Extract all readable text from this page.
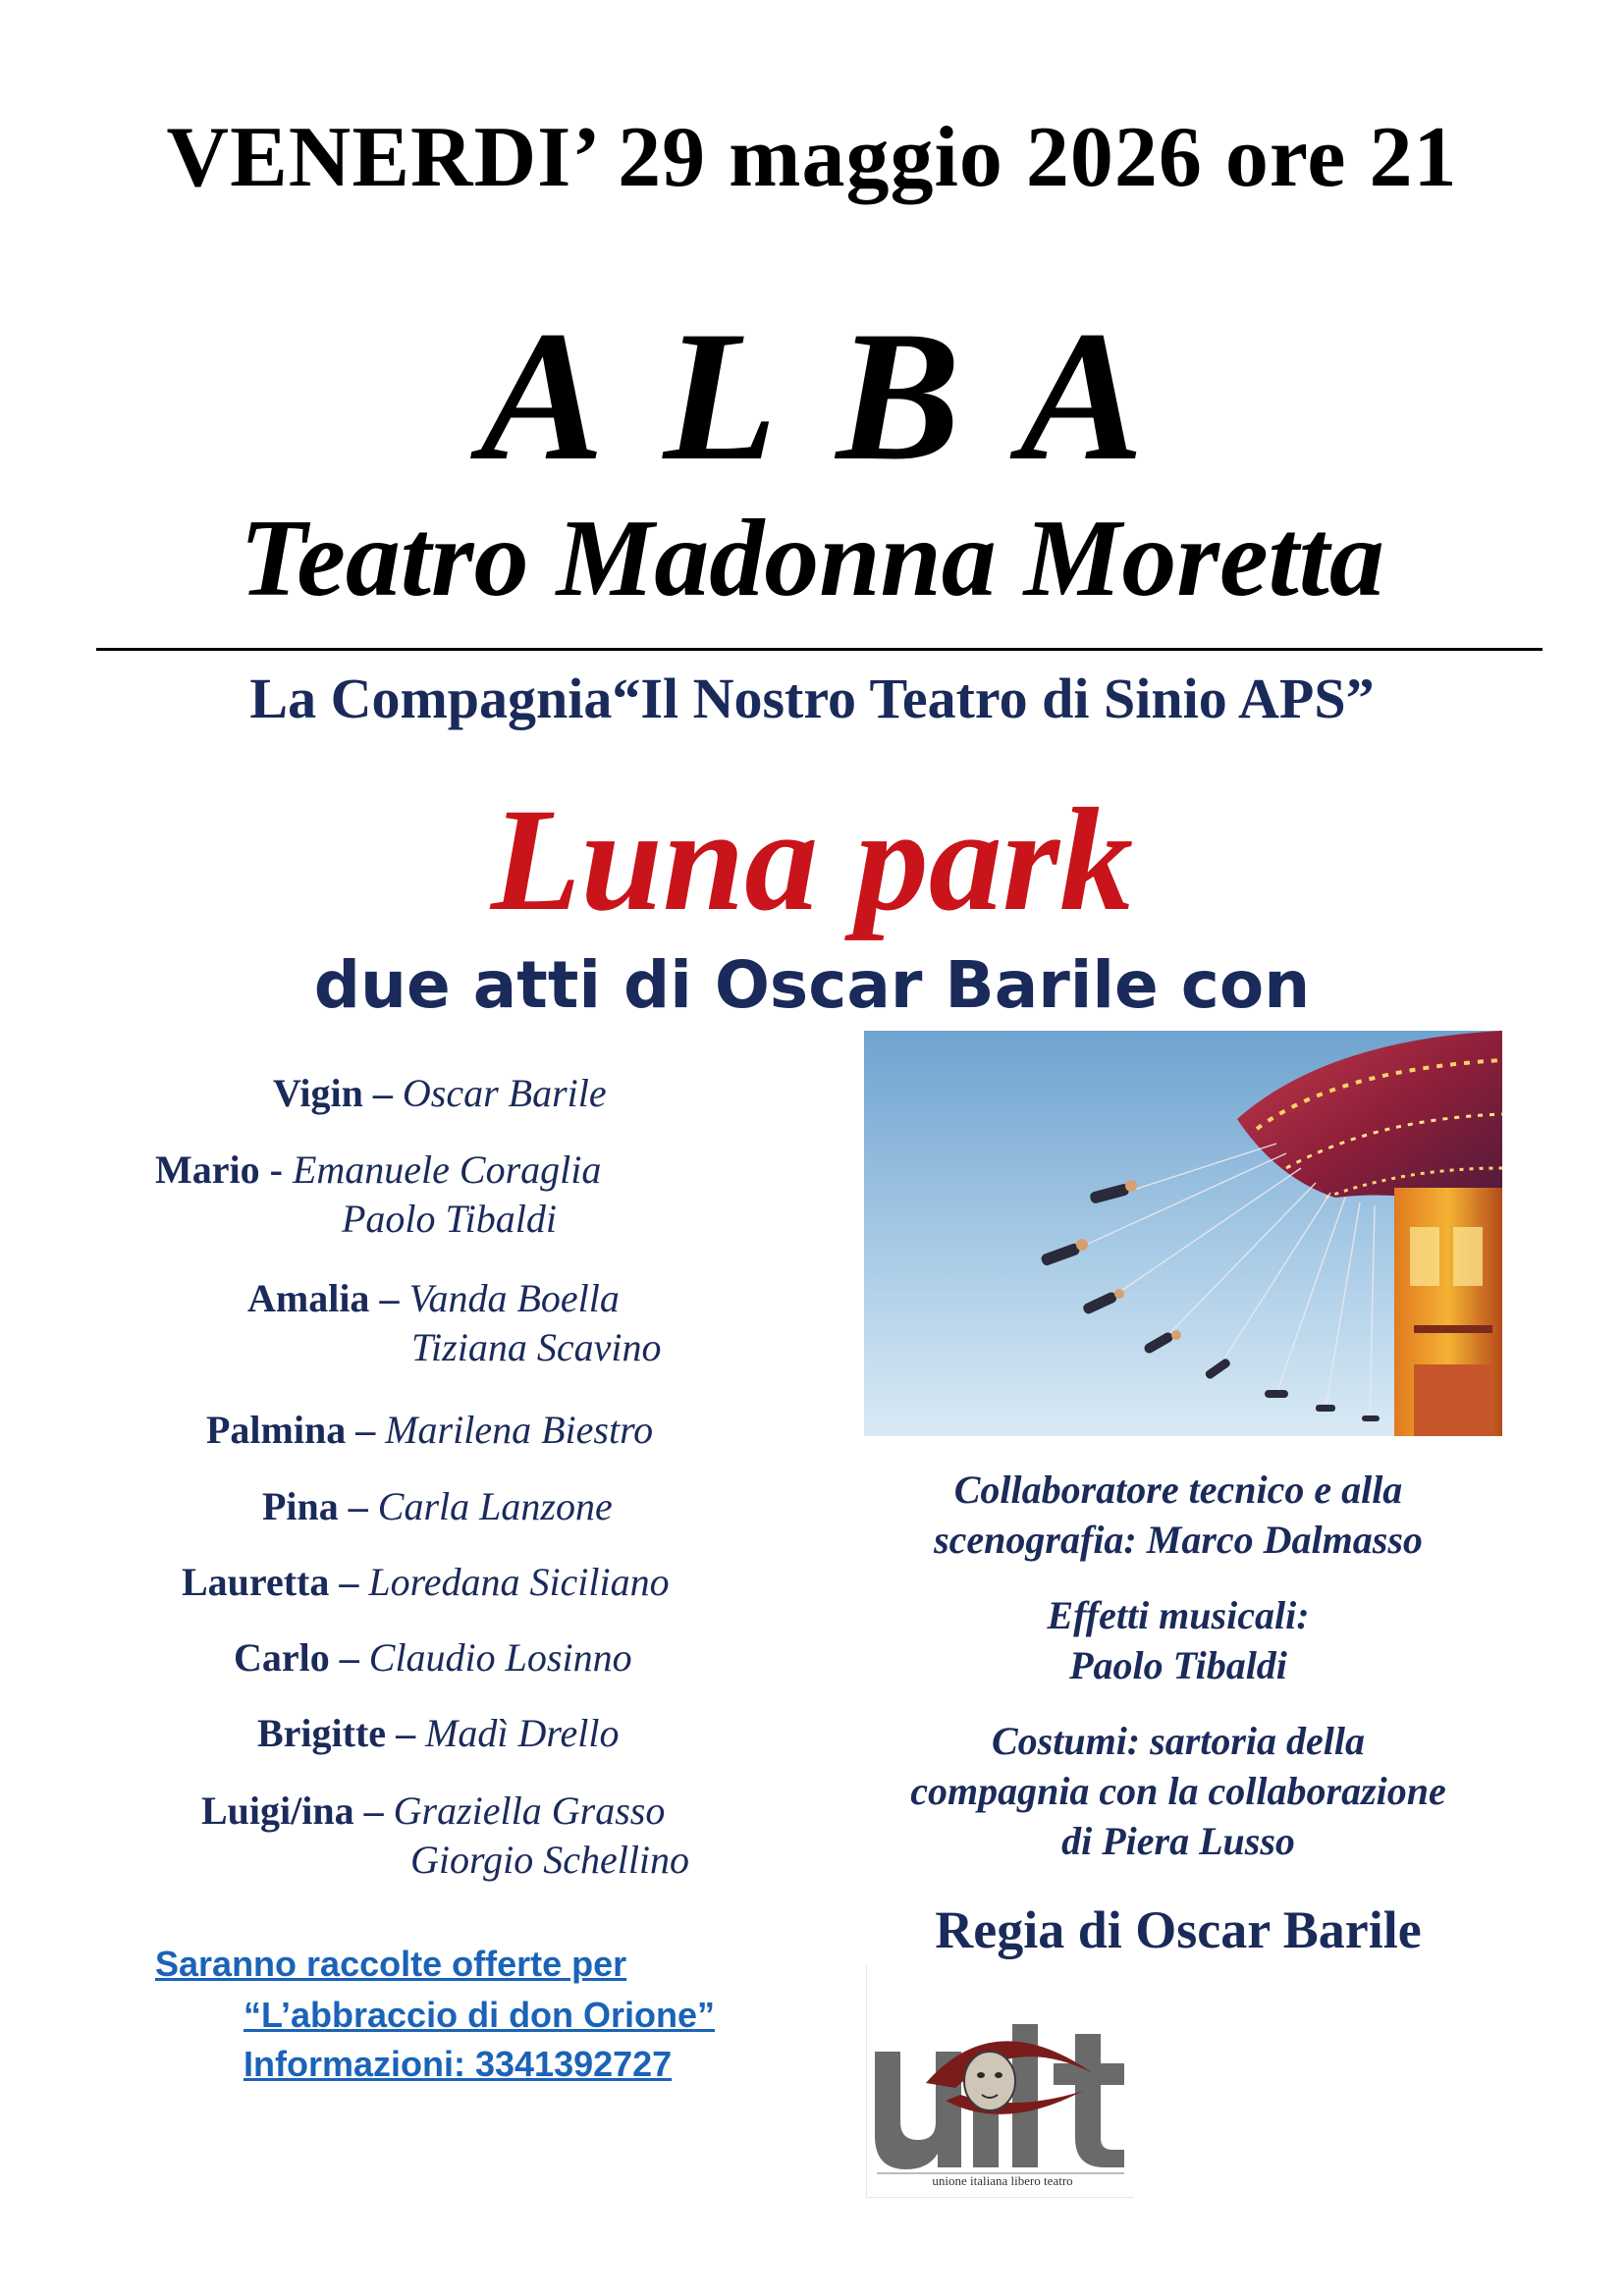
VENERDI’ 29 maggio 2026 ore 21
ALBA
Teatro Madonna Moretta
La Compagnia“Il Nostro Teatro di Sinio APS”
Luna park
due atti di Oscar Barile con
Vigin – Oscar Barile
Mario - Emanuele Coraglia
Paolo Tibaldi
Amalia – Vanda Boella
Tiziana Scavino
Palmina – Marilena Biestro
Pina – Carla Lanzone
Lauretta – Loredana Siciliano
Carlo – Claudio Losinno
Brigitte – Madì Drello
Luigi/ina – Graziella Grasso
Giorgio Schellino
Collaboratore tecnico e alla
scenografia: Marco Dalmasso
Effetti musicali:
Paolo Tibaldi
Costumi: sartoria della
compagnia con la collaborazione
di Piera Lusso
Regia di Oscar Barile
Saranno raccolte offerte per
“L’abbraccio di don Orione”
Informazioni: 3341392727
unione italiana libero teatro
